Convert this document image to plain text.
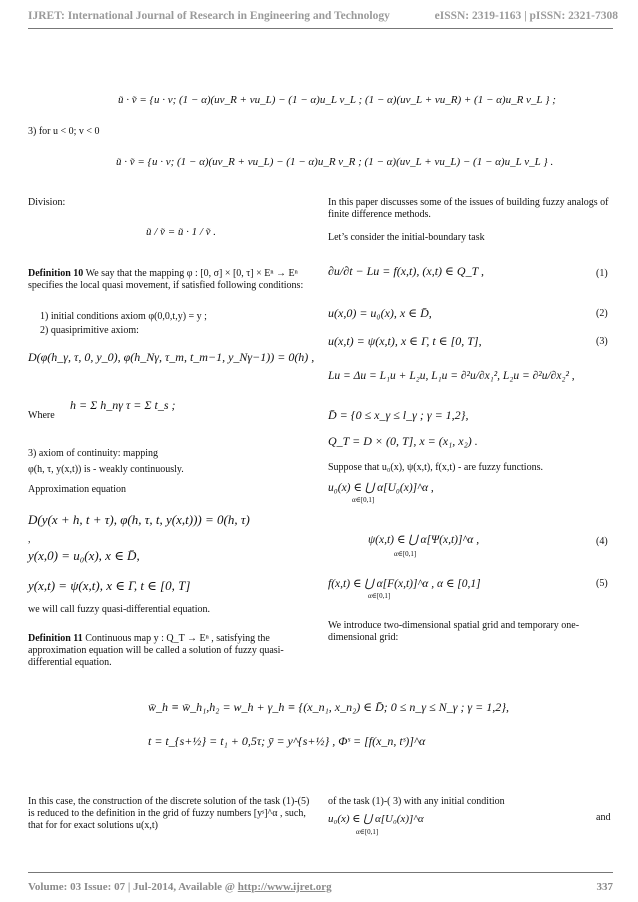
IJRET: International Journal of Research in Engineering and Technology	eISSN: 2319-1163 | pISSN: 2321-7308
u͂ · v͂ = {u · v; (1 − α)(uv_R + vu_L) − (1 − α)u_L v_L ; (1 − α)(uv_L + vu_R) + (1 − α)u_R v_L } ;
3) for u < 0; v < 0
u͂ · v͂ = {u · v; (1 − α)(uv_R + vu_L) − (1 − α)u_R v_R ; (1 − α)(uv_L + vu_L) − (1 − α)u_L v_L } .
Division:
u͂ / v͂ = u͂ · 1 / v͂ .
Definition 10 We say that the mapping φ : [0, σ] × [0, τ] × Eⁿ → Eⁿ specifies the local quasi movement, if satisfied following conditions:
1) initial conditions axiom φ(0,0,t,y) = y ;
2) quasiprimitive axiom:
D(φ(h_γ, τ, 0, y_0), φ(h_Nγ, τ_m, t_m−1, y_Nγ−1)) = 0(h) ,
Where
h = Σ h_nγ τ = Σ t_s ;
3) axiom of continuity: mapping
φ(h, τ, y(x,t)) is - weakly continuously.
Approximation equation
D(y(x + h, t + τ), φ(h, τ, t, y(x,t))) = 0(h, τ)
,
y(x,0) = u₀(x), x ∈ D̄,
y(x,t) = ψ(x,t), x ∈ Γ, t ∈ [0, T]
we will call fuzzy quasi-differential equation.
Definition 11 Continuous map y : Q_T → Eⁿ , satisfying the approximation equation will be called a solution of fuzzy quasi-differential equation.
In this paper discusses some of the issues of building fuzzy analogs of finite difference methods.
Let’s consider the initial-boundary task
∂u/∂t − Lu = f(x,t), (x,t) ∈ Q_T ,	(1)
u(x,0) = u₀(x), x ∈ D̄,	(2)
u(x,t) = ψ(x,t), x ∈ Γ, t ∈ [0, T],	(3)
Lu = Δu = L₁u + L₂u, L₁u = ∂²u/∂x₁², L₂u = ∂²u/∂x₂² ,
D̄ = {0 ≤ x_γ ≤ l_γ ; γ = 1,2},
Q_T = D × (0, T], x = (x₁, x₂) .
Suppose that u₀(x), ψ(x,t), f(x,t) - are fuzzy functions.
u₀(x) ∈ ⋃ α[U₀(x)]^α ,
α∈[0,1]
ψ(x,t) ∈ ⋃ α[Ψ(x,t)]^α ,
α∈[0,1]
(4)
f(x,t) ∈ ⋃ α[F(x,t)]^α , α ∈ [0,1]
α∈[0,1]
(5)
We introduce two-dimensional spatial grid and temporary one-dimensional grid:
w̄_h ≡ w̄_h₁,h₂ = w_h + γ_h ≡ {(x_n₁, x_n₂) ∈ D̄; 0 ≤ n_γ ≤ N_γ ; γ = 1,2},
t = t_{s+½} = t₁ + 0,5τ; ȳ = y^{s+½} , Φˢ = [f(x_n, tˢ)]^α
In this case, the construction of the discrete solution of the task (1)-(5) is reduced to the definition in the grid of fuzzy numbers [yˢ]^α , such, that for for exact solutions u(x,t)
of the task (1)-( 3) with any initial condition
u₀(x) ∈ ⋃ α[U₀(x)]^α	and
α∈[0,1]
Volume: 03 Issue: 07 | Jul-2014, Available @ http://www.ijret.org	337
